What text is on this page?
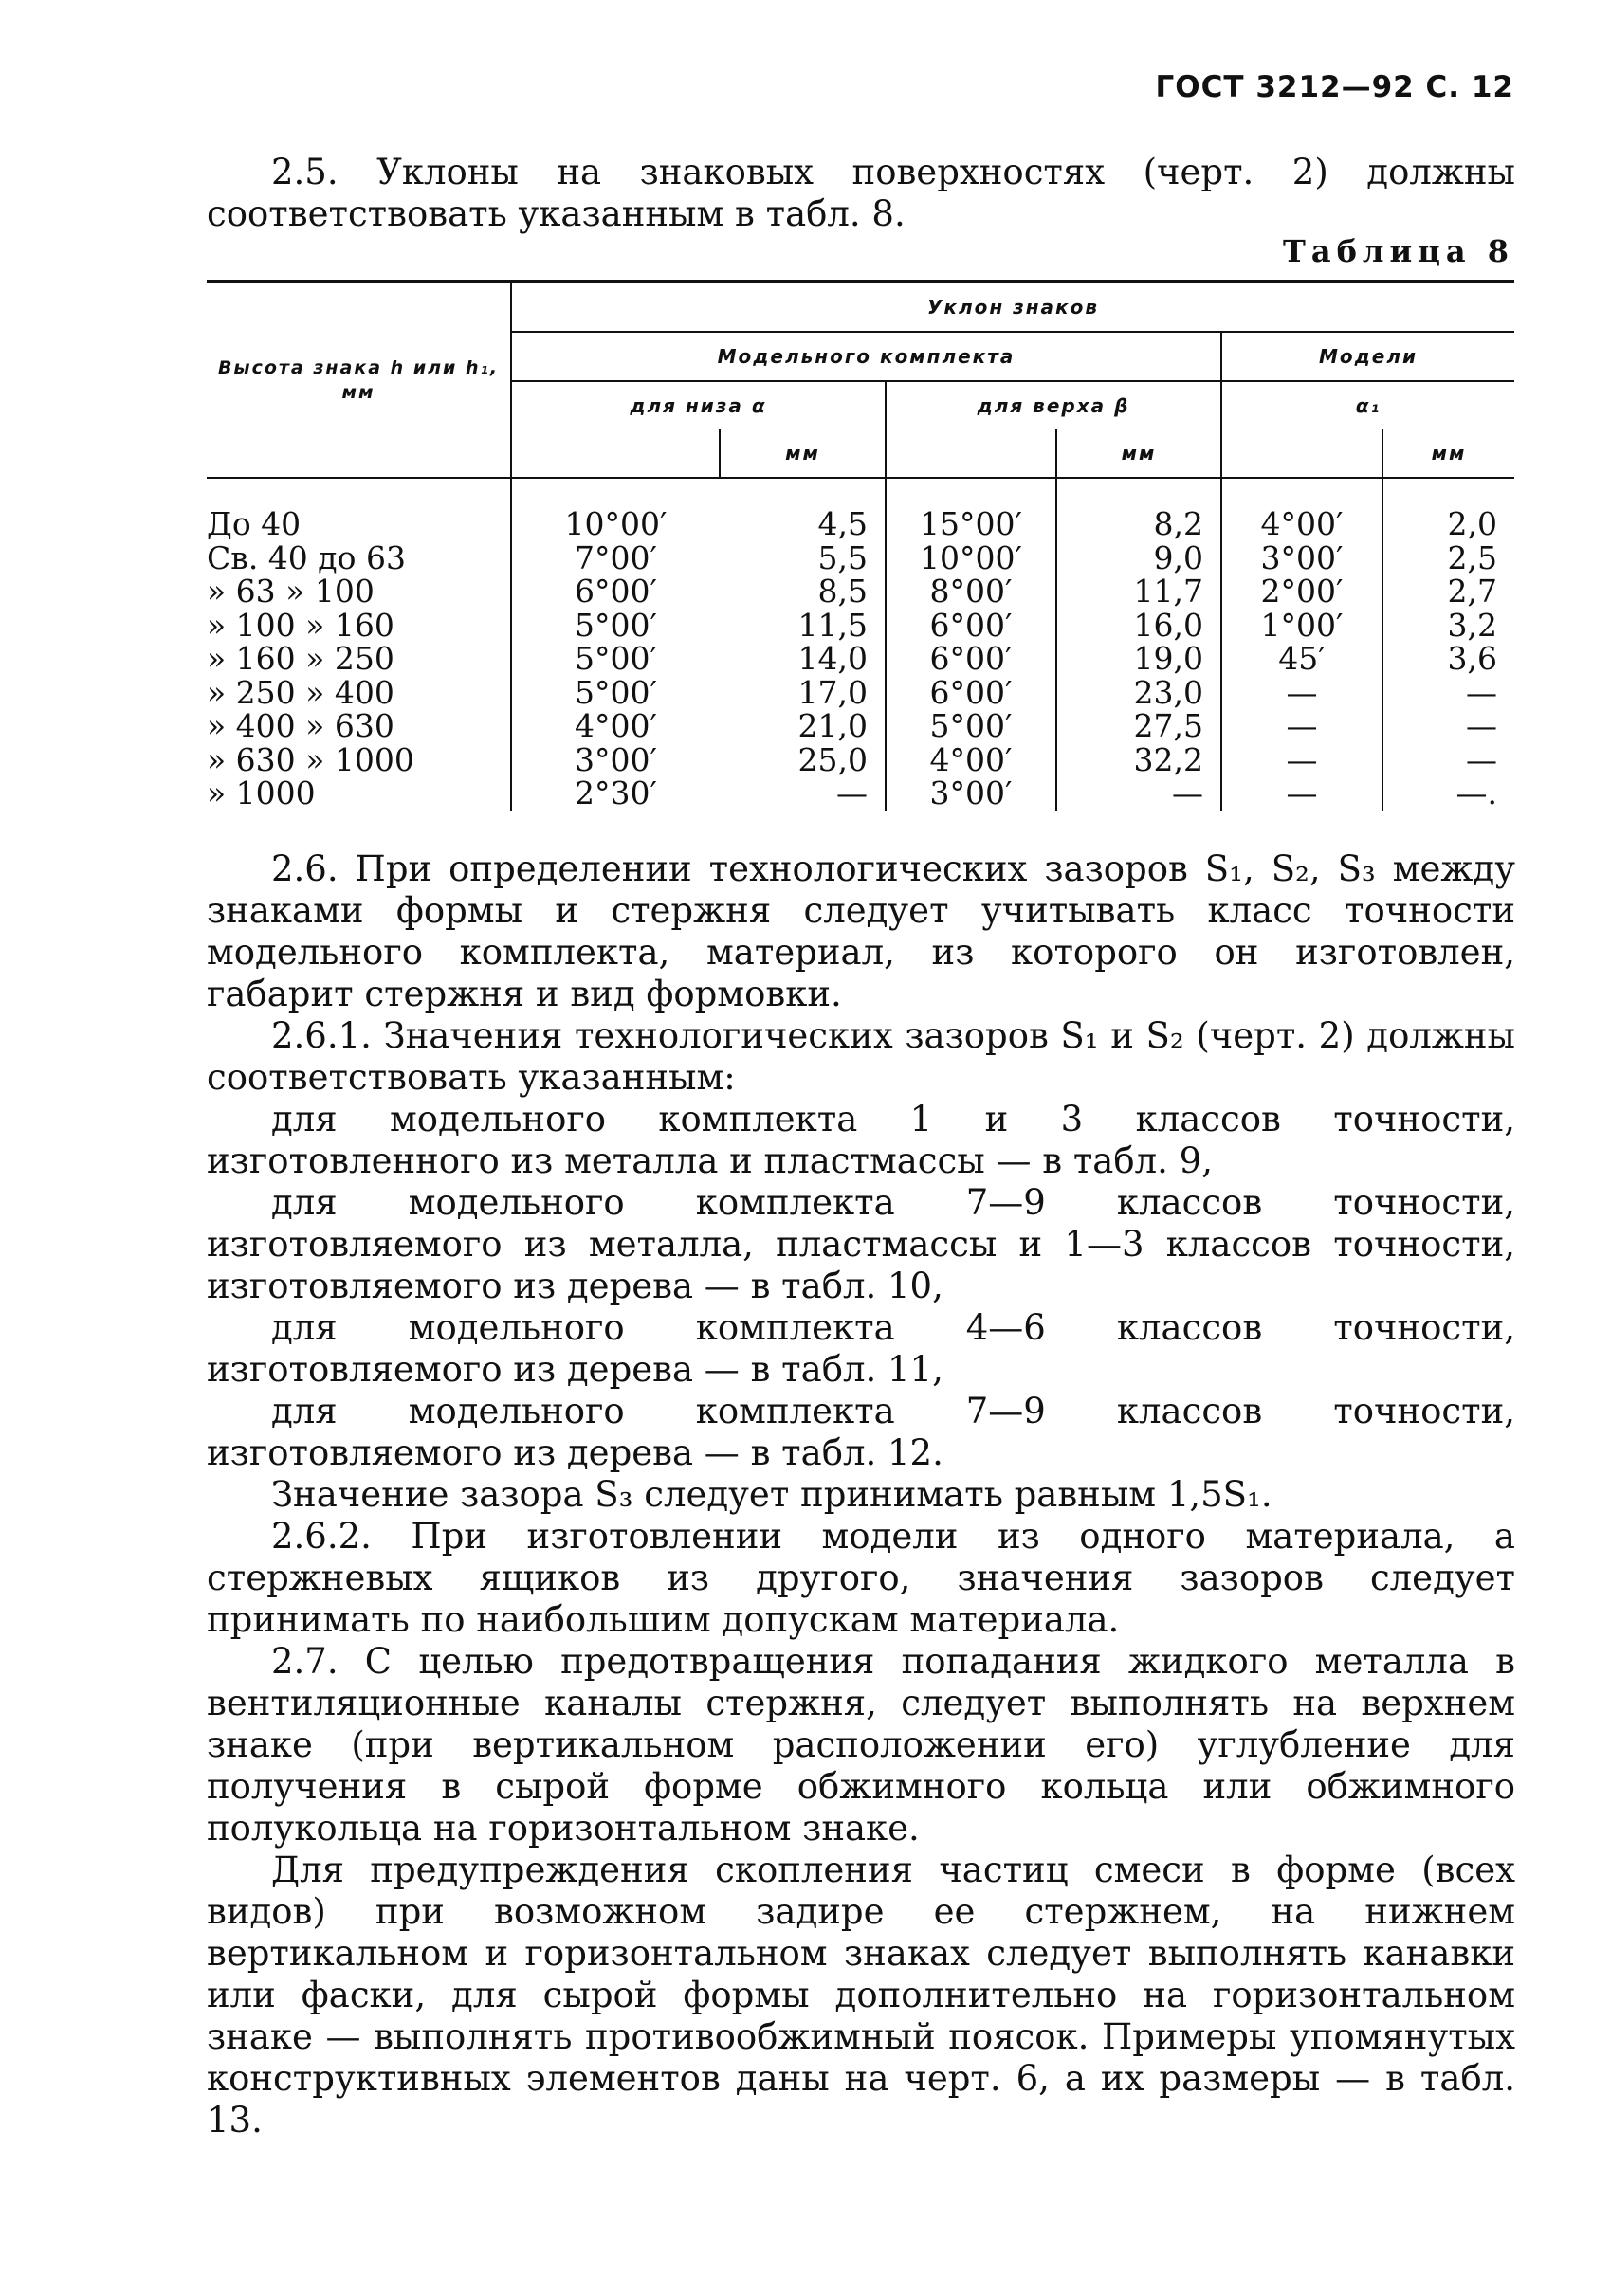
ГОСТ 3212—92 С. 12

2.5. Уклоны на знаковых поверхностях (черт. 2) должны соответствовать указанным в табл. 8.

Таблица 8
Высота знака h или h₁, мм	Уклон знаков					
	Модельного комплекта				Модели	
	для низа α		для верха β		α₁	
		мм		мм		мм
До 40	10°00′	4,5	15°00′	8,2	4°00′	2,0
Св. 40 до 63	7°00′	5,5	10°00′	9,0	3°00′	2,5
» 63 » 100	6°00′	8,5	8°00′	11,7	2°00′	2,7
» 100 » 160	5°00′	11,5	6°00′	16,0	1°00′	3,2
» 160 » 250	5°00′	14,0	6°00′	19,0	45′	3,6
» 250 » 400	5°00′	17,0	6°00′	23,0	—	—
» 400 » 630	4°00′	21,0	5°00′	27,5	—	—
» 630 » 1000	3°00′	25,0	4°00′	32,2	—	—
» 1000	2°30′	—	3°00′	—	—	—.

2.6. При определении технологических зазоров S₁, S₂, S₃ между знаками формы и стержня следует учитывать класс точности модельного комплекта, материал, из которого он изготовлен, габарит стержня и вид формовки.

2.6.1. Значения технологических зазоров S₁ и S₂ (черт. 2) должны соответствовать указанным:

для модельного комплекта 1 и 3 классов точности, изготовленного из металла и пластмассы — в табл. 9,

для модельного комплекта 7—9 классов точности, изготовляемого из металла, пластмассы и 1—3 классов точности, изготовляемого из дерева — в табл. 10,

для модельного комплекта 4—6 классов точности, изготовляемого из дерева — в табл. 11,

для модельного комплекта 7—9 классов точности, изготовляемого из дерева — в табл. 12.

Значение зазора S₃ следует принимать равным 1,5S₁.

2.6.2. При изготовлении модели из одного материала, а стержневых ящиков из другого, значения зазоров следует принимать по наибольшим допускам материала.

2.7. С целью предотвращения попадания жидкого металла в вентиляционные каналы стержня, следует выполнять на верхнем знаке (при вертикальном расположении его) углубление для получения в сырой форме обжимного кольца или обжимного полукольца на горизонтальном знаке.

Для предупреждения скопления частиц смеси в форме (всех видов) при возможном задире ее стержнем, на нижнем вертикальном и горизонтальном знаках следует выполнять канавки или фаски, для сырой формы дополнительно на горизонтальном знаке — выполнять противообжимный поясок. Примеры упомянутых конструктивных элементов даны на черт. 6, а их размеры — в табл. 13.
